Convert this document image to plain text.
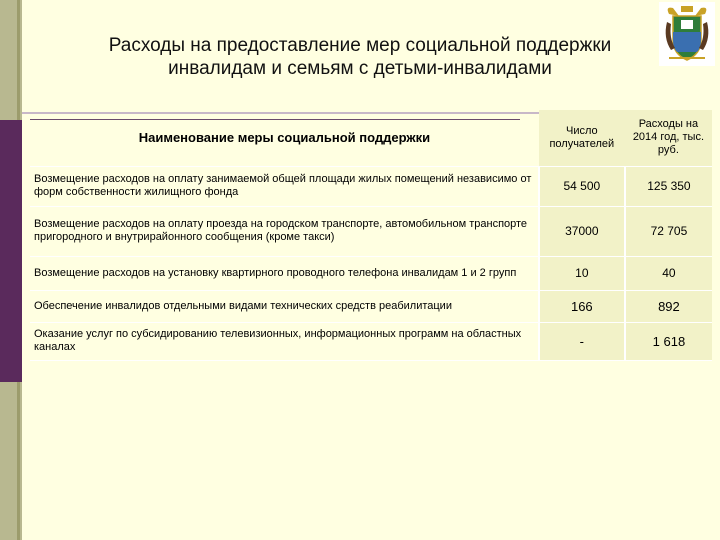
Расходы на предоставление мер социальной поддержки
инвалидам и семьям с детьми-инвалидами
Наименование меры социальной поддержки	Число получателей	Расходы на 2014 год, тыс. руб.
Возмещение расходов на оплату занимаемой общей площади жилых помещений независимо от форм собственности жилищного фонда	54 500	125 350
Возмещение расходов на оплату проезда на городском транспорте, автомобильном транспорте пригородного и внутрирайонного сообщения (кроме такси)	37000	72 705
Возмещение расходов на установку квартирного проводного телефона инвалидам 1 и 2 групп	10	40
Обеспечение инвалидов отдельными видами технических средств реабилитации	166	892
Оказание услуг по субсидированию телевизионных, информационных программ на областных каналах	-	1 618
